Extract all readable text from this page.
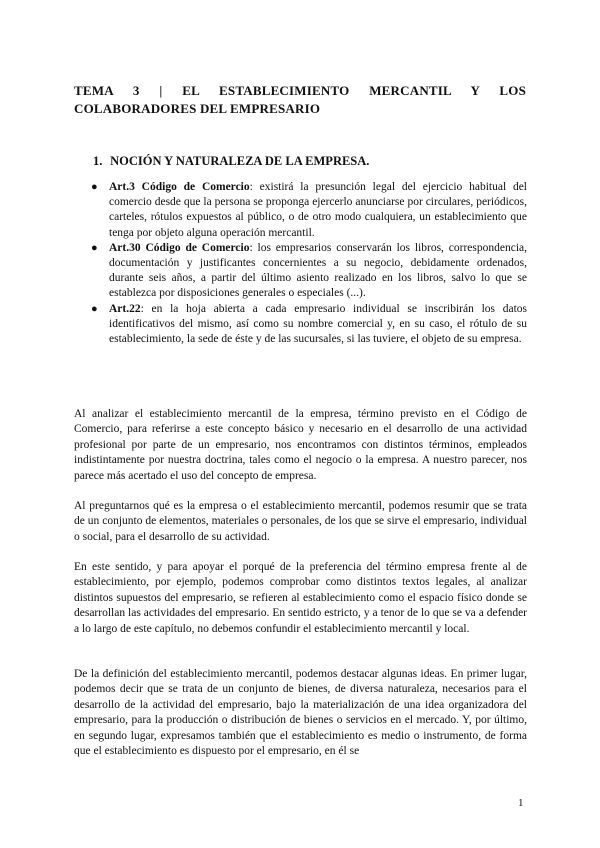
TEMA 3 | EL ESTABLECIMIENTO MERCANTIL Y LOS COLABORADORES DEL EMPRESARIO
1. NOCIÓN Y NATURALEZA DE LA EMPRESA.
● Art.3 Código de Comercio: existirá la presunción legal del ejercicio habitual del comercio desde que la persona se proponga ejercerlo anunciarse por circulares, periódicos, carteles, rótulos expuestos al público, o de otro modo cualquiera, un establecimiento que tenga por objeto alguna operación mercantil.
● Art.30 Código de Comercio: los empresarios conservarán los libros, correspondencia, documentación y justificantes concernientes a su negocio, debidamente ordenados, durante seis años, a partir del último asiento realizado en los libros, salvo lo que se establezca por disposiciones generales o especiales (...).
● Art.22: en la hoja abierta a cada empresario individual se inscribirán los datos identificativos del mismo, así como su nombre comercial y, en su caso, el rótulo de su establecimiento, la sede de éste y de las sucursales, si las tuviere, el objeto de su empresa.

Al analizar el establecimiento mercantil de la empresa, término previsto en el Código de Comercio, para referirse a este concepto básico y necesario en el desarrollo de una actividad profesional por parte de un empresario, nos encontramos con distintos términos, empleados indistintamente por nuestra doctrina, tales como el negocio o la empresa. A nuestro parecer, nos parece más acertado el uso del concepto de empresa.

Al preguntarnos qué es la empresa o el establecimiento mercantil, podemos resumir que se trata de un conjunto de elementos, materiales o personales, de los que se sirve el empresario, individual o social, para el desarrollo de su actividad.

En este sentido, y para apoyar el porqué de la preferencia del término empresa frente al de establecimiento, por ejemplo, podemos comprobar como distintos textos legales, al analizar distintos supuestos del empresario, se refieren al establecimiento como el espacio físico donde se desarrollan las actividades del empresario. En sentido estricto, y a tenor de lo que se va a defender a lo largo de este capítulo, no debemos confundir el establecimiento mercantil y local.

De la definición del establecimiento mercantil, podemos destacar algunas ideas. En primer lugar, podemos decir que se trata de un conjunto de bienes, de diversa naturaleza, necesarios para el desarrollo de la actividad del empresario, bajo la materialización de una idea organizadora del empresario, para la producción o distribución de bienes o servicios en el mercado. Y, por último, en segundo lugar, expresamos también que el establecimiento es medio o instrumento, de forma que el establecimiento es dispuesto por el empresario, en él se

1
